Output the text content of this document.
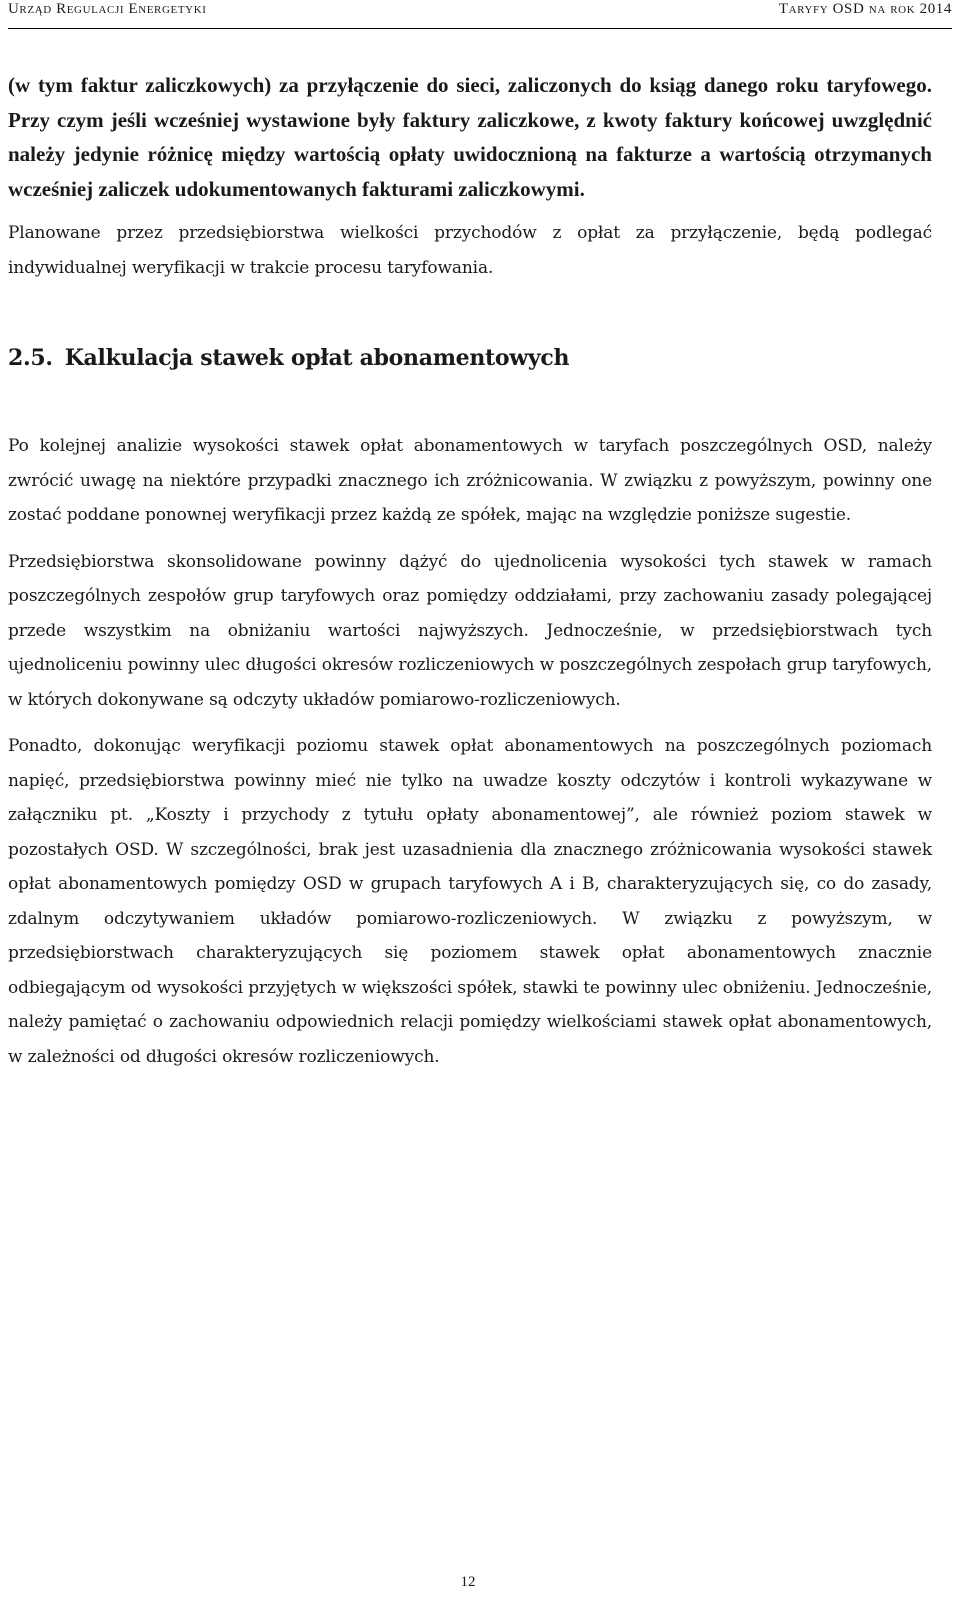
Urząd Regulacji Energetyki	Taryfy OSD na rok 2014

(w tym faktur zaliczkowych) za przyłączenie do sieci, zaliczonych do ksiąg danego roku taryfowego. Przy czym jeśli wcześniej wystawione były faktury zaliczkowe, z kwoty faktury końcowej uwzględnić należy jedynie różnicę między wartością opłaty uwidocznioną na fakturze a wartością otrzymanych wcześniej zaliczek udokumentowanych fakturami zaliczkowymi.

Planowane przez przedsiębiorstwa wielkości przychodów z opłat za przyłączenie, będą podlegać indywidualnej weryfikacji w trakcie procesu taryfowania.

2.5. Kalkulacja stawek opłat abonamentowych

Po kolejnej analizie wysokości stawek opłat abonamentowych w taryfach poszczególnych OSD, należy zwrócić uwagę na niektóre przypadki znacznego ich zróżnicowania. W związku z powyższym, powinny one zostać poddane ponownej weryfikacji przez każdą ze spółek, mając na względzie poniższe sugestie.

Przedsiębiorstwa skonsolidowane powinny dążyć do ujednolicenia wysokości tych stawek w ramach poszczególnych zespołów grup taryfowych oraz pomiędzy oddziałami, przy zachowaniu zasady polegającej przede wszystkim na obniżaniu wartości najwyższych. Jednocześnie, w przedsiębiorstwach tych ujednoliceniu powinny ulec długości okresów rozliczeniowych w poszczególnych zespołach grup taryfowych, w których dokonywane są odczyty układów pomiarowo-rozliczeniowych.

Ponadto, dokonując weryfikacji poziomu stawek opłat abonamentowych na poszczególnych poziomach napięć, przedsiębiorstwa powinny mieć nie tylko na uwadze koszty odczytów i kontroli wykazywane w załączniku pt. „Koszty i przychody z tytułu opłaty abonamentowej”, ale również poziom stawek w pozostałych OSD. W szczególności, brak jest uzasadnienia dla znacznego zróżnicowania wysokości stawek opłat abonamentowych pomiędzy OSD w grupach taryfowych A i B, charakteryzujących się, co do zasady, zdalnym odczytywaniem układów pomiarowo-rozliczeniowych. W związku z powyższym, w przedsiębiorstwach charakteryzujących się poziomem stawek opłat abonamentowych znacznie odbiegającym od wysokości przyjętych w większości spółek, stawki te powinny ulec obniżeniu. Jednocześnie, należy pamiętać o zachowaniu odpowiednich relacji pomiędzy wielkościami stawek opłat abonamentowych, w zależności od długości okresów rozliczeniowych.

12
